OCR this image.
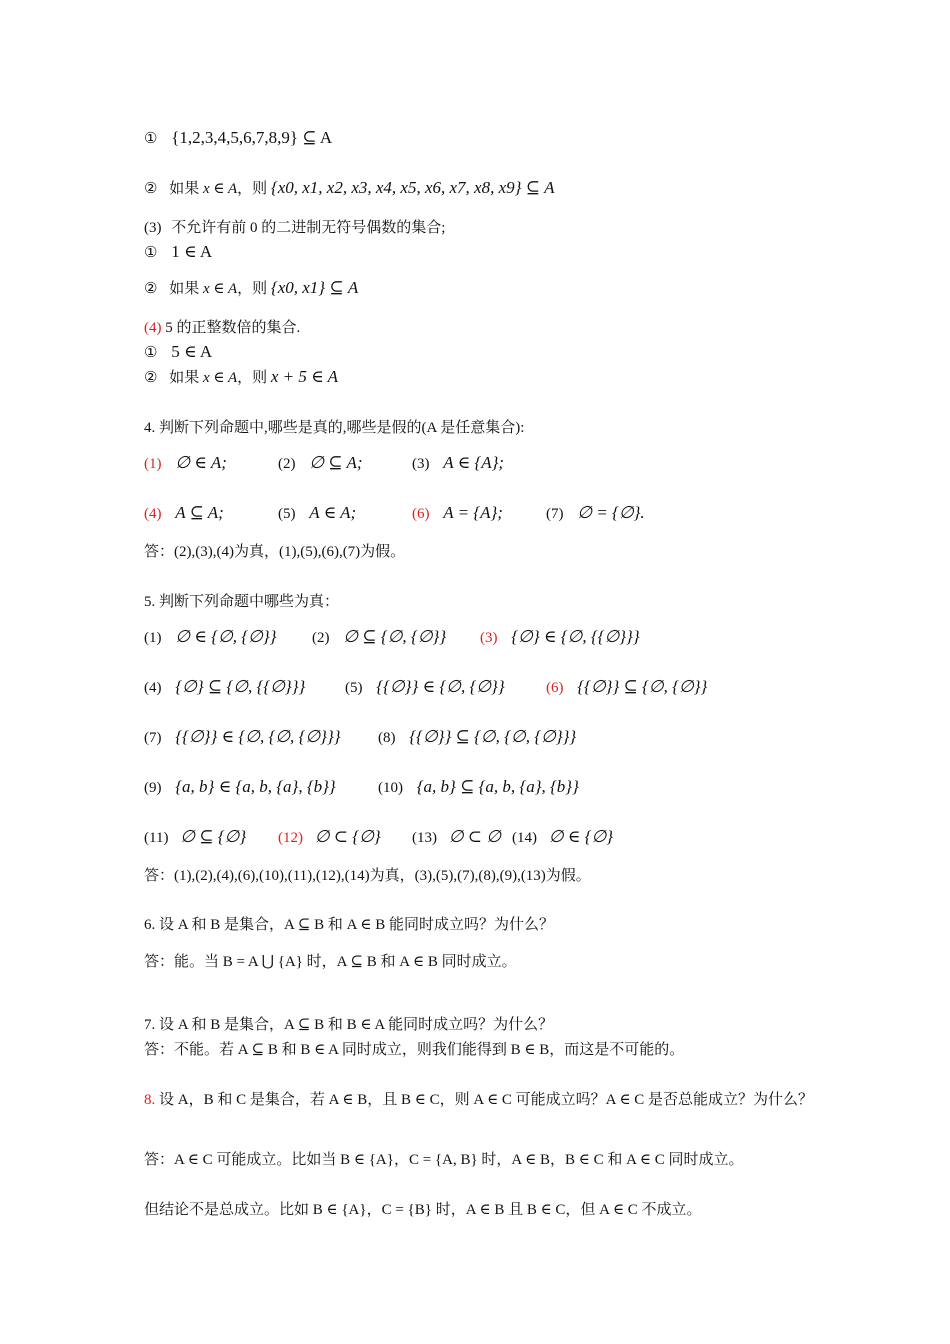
① {1,2,3,4,5,6,7,8,9} ⊆ A
② 如果 x ∈ A，则 {x0, x1, x2, x3, x4, x5, x6, x7, x8, x9} ⊆ A
(3) 不允许有前 0 的二进制无符号偶数的集合;
① 1 ∈ A
② 如果 x ∈ A，则 {x0, x1} ⊆ A
(4) 5 的正整数倍的集合.
① 5 ∈ A
② 如果 x ∈ A，则 x + 5 ∈ A
4. 判断下列命题中,哪些是真的,哪些是假的(A 是任意集合):
(1) ∅ ∈ A;	(2) ∅ ⊆ A;	(3) A ∈ {A};
(4) A ⊆ A;	(5) A ∈ A;	(6) A = {A};	(7) ∅ = {∅}.
答：(2),(3),(4)为真，(1),(5),(6),(7)为假。
5. 判断下列命题中哪些为真：
(1) ∅ ∈ {∅, {∅}} (2) ∅ ⊆ {∅, {∅}} (3) {∅} ∈ {∅, {{∅}}}
(4) {∅} ⊆ {∅, {{∅}}}	(5) {{∅}} ∈ {∅, {∅}}	(6) {{∅}} ⊆ {∅, {∅}}
(7) {{∅}} ∈ {∅, {∅, {∅}}} (8) {{∅}} ⊆ {∅, {∅, {∅}}}
(9) {a, b} ∈ {a, b, {a}, {b}}	(10) {a, b} ⊆ {a, b, {a}, {b}}
(11) ∅ ⊆ {∅} (12) ∅ ⊂ {∅} (13) ∅ ⊂ ∅ (14) ∅ ∈ {∅}
答：(1),(2),(4),(6),(10),(11),(12),(14)为真，(3),(5),(7),(8),(9),(13)为假。
6. 设 A 和 B 是集合，A ⊆ B 和 A ∈ B 能同时成立吗？为什么？
答：能。当 B = A ⋃ {A} 时，A ⊆ B 和 A ∈ B 同时成立。
7. 设 A 和 B 是集合，A ⊆ B 和 B ∈ A 能同时成立吗？为什么？
答：不能。若 A ⊆ B 和 B ∈ A 同时成立，则我们能得到 B ∈ B，而这是不可能的。
8. 设 A，B 和 C 是集合，若 A ∈ B，且 B ∈ C，则 A ∈ C 可能成立吗？A ∈ C 是否总能成立？为什么？
答：A ∈ C 可能成立。比如当 B ∈ {A}，C = {A, B} 时，A ∈ B，B ∈ C 和 A ∈ C 同时成立。
但结论不是总成立。比如 B ∈ {A}，C = {B} 时，A ∈ B 且 B ∈ C，但 A ∈ C 不成立。
